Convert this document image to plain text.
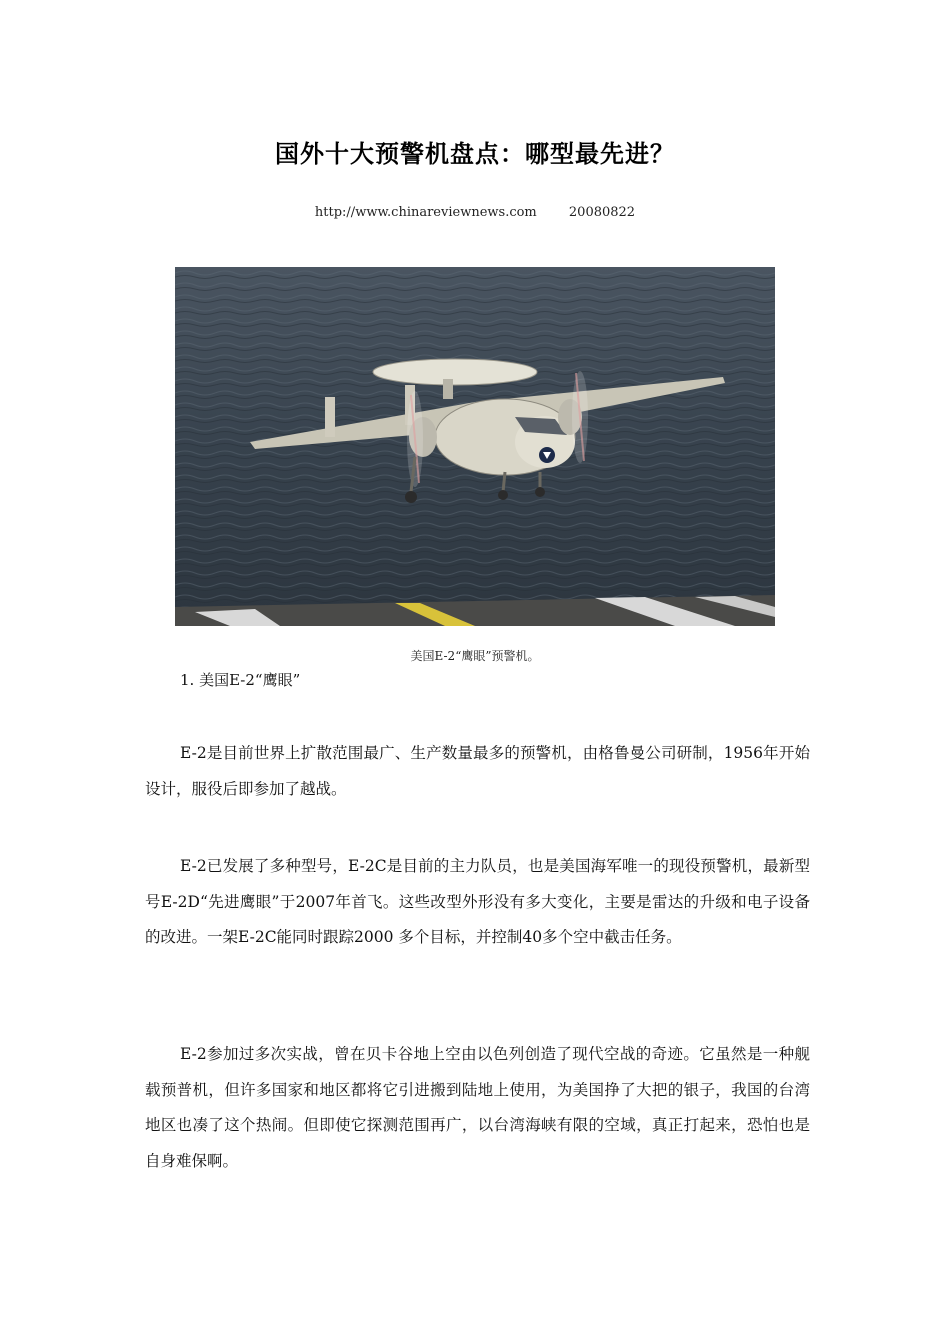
国外十大预警机盘点：哪型最先进？
http://www.chinareviewnews.com 20080822
美国E-2“鹰眼”预警机。
1. 美国E-2“鹰眼”

E-2是目前世界上扩散范围最广、生产数量最多的预警机，由格鲁曼公司研制，1956年开始设计，服役后即参加了越战。

E-2已发展了多种型号，E-2C是目前的主力队员，也是美国海军唯一的现役预警机，最新型号E-2D“先进鹰眼”于2007年首飞。这些改型外形没有多大变化，主要是雷达的升级和电子设备的改进。一架E-2C能同时跟踪2000 多个目标，并控制40多个空中截击任务。

E-2参加过多次实战，曾在贝卡谷地上空由以色列创造了现代空战的奇迹。它虽然是一种舰载预普机，但许多国家和地区都将它引进搬到陆地上使用，为美国挣了大把的银子，我国的台湾地区也凑了这个热闹。但即使它探测范围再广，以台湾海峡有限的空域，真正打起来，恐怕也是自身难保啊。
